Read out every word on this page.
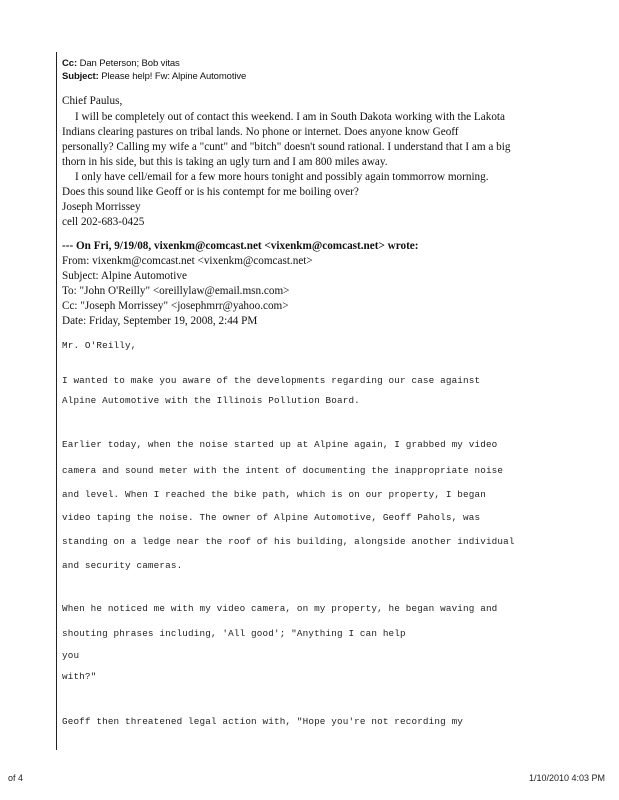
Cc: Dan Peterson; Bob vitas
Subject: Please help! Fw: Alpine Automotive
Chief Paulus,
I will be completely out of contact this weekend. I am in South Dakota working with the Lakota
Indians clearing pastures on tribal lands. No phone or internet. Does anyone know Geoff
personally? Calling my wife a "cunt" and "bitch" doesn't sound rational. I understand that I am a big
thorn in his side, but this is taking an ugly turn and I am 800 miles away.
I only have cell/email for a few more hours tonight and possibly again tommorrow morning.
Does this sound like Geoff or is his contempt for me boiling over?
Joseph Morrissey
cell 202-683-0425
--- On Fri, 9/19/08, vixenkm@comcast.net <vixenkm@comcast.net> wrote:
From: vixenkm@comcast.net <vixenkm@comcast.net>
Subject: Alpine Automotive
To: "John O'Reilly" <oreillylaw@email.msn.com>
Cc: "Joseph Morrissey" <josephmrr@yahoo.com>
Date: Friday, September 19, 2008, 2:44 PM
Mr. O'Reilly,
I wanted to make you aware of the developments regarding our case against
Alpine Automotive with the Illinois Pollution Board.
Earlier today, when the noise started up at Alpine again, I grabbed my video
camera and sound meter with the intent of documenting the inappropriate noise
and level. When I reached the bike path, which is on our property, I began
video taping the noise. The owner of Alpine Automotive, Geoff Pahols, was
standing on a ledge near the roof of his building, alongside another individual
and security cameras.
When he noticed me with my video camera, on my property, he began waving and
shouting phrases including, 'All good'; "Anything I can help
you
with?"
Geoff then threatened legal action with, "Hope you're not recording my
of 4	1/10/2010 4:03 PM
